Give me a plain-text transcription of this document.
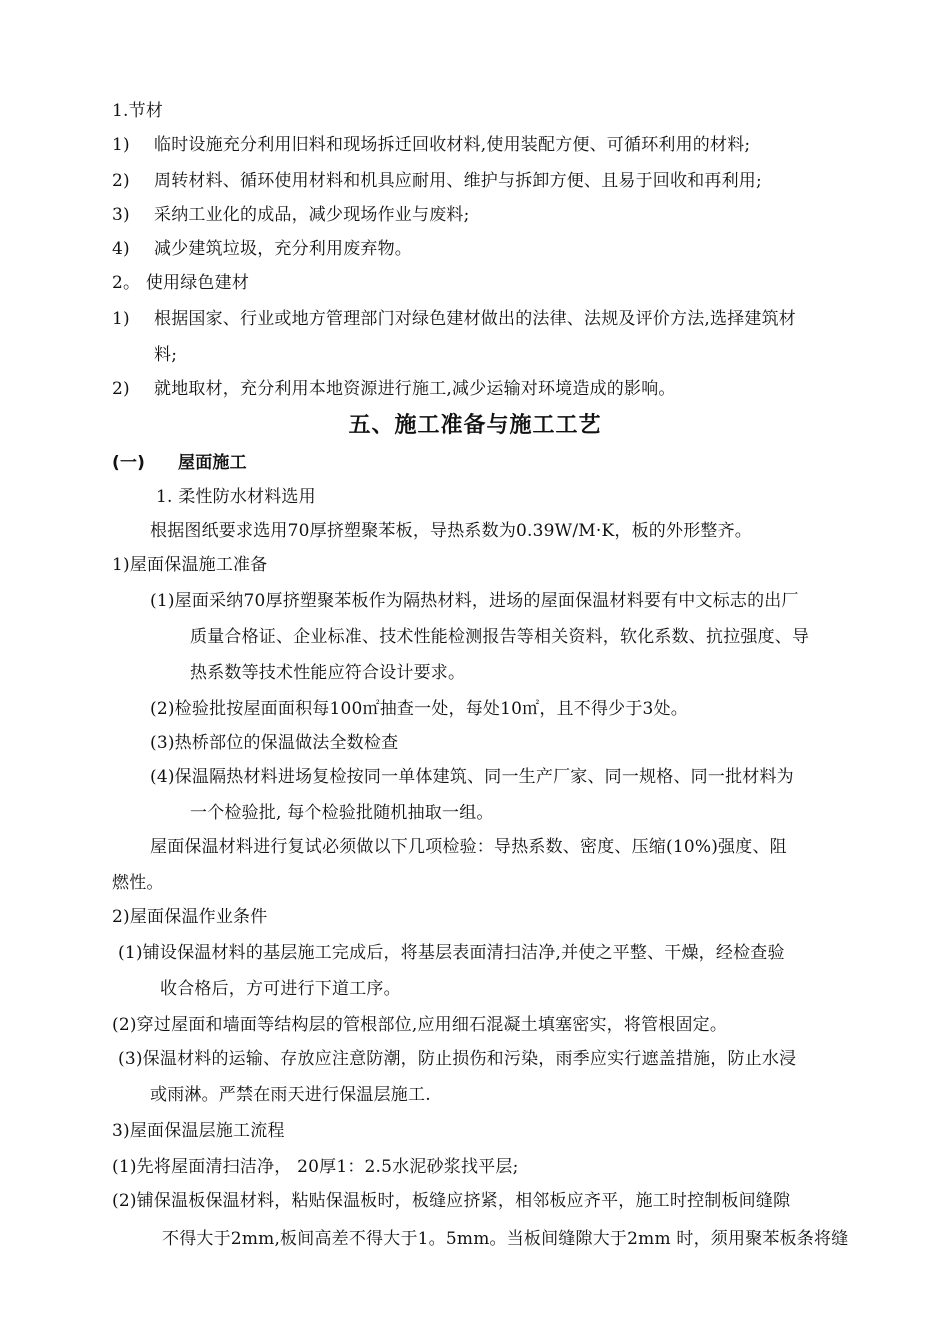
1.节材
1) 临时设施充分利用旧料和现场拆迁回收材料,使用装配方便、可循环利用的材料;
2) 周转材料、循环使用材料和机具应耐用、维护与拆卸方便、且易于回收和再利用;
3) 采纳工业化的成品，减少现场作业与废料;
4) 减少建筑垃圾，充分利用废弃物。
2。 使用绿色建材
1) 根据国家、行业或地方管理部门对绿色建材做出的法律、法规及评价方法,选择建筑材
料;
2) 就地取材，充分利用本地资源进行施工,减少运输对环境造成的影响。
五、施工准备与施工工艺
(一) 屋面施工
1. 柔性防水材料选用
根据图纸要求选用70厚挤塑聚苯板，导热系数为0.39W/M·K，板的外形整齐。
1)屋面保温施工准备
(1)屋面采纳70厚挤塑聚苯板作为隔热材料，进场的屋面保温材料要有中文标志的出厂
质量合格证、企业标准、技术性能检测报告等相关资料，软化系数、抗拉强度、导
热系数等技术性能应符合设计要求。
(2)检验批按屋面面积每100㎡抽查一处，每处10㎡，且不得少于3处。
(3)热桥部位的保温做法全数检查
(4)保温隔热材料进场复检按同一单体建筑、同一生产厂家、同一规格、同一批材料为
一个检验批, 每个检验批随机抽取一组。
屋面保温材料进行复试必须做以下几项检验：导热系数、密度、压缩(10%)强度、阻
燃性。
2)屋面保温作业条件
(1)铺设保温材料的基层施工完成后，将基层表面清扫洁净,并使之平整、干燥，经检查验
收合格后，方可进行下道工序。
(2)穿过屋面和墙面等结构层的管根部位,应用细石混凝土填塞密实，将管根固定。
(3)保温材料的运输、存放应注意防潮，防止损伤和污染，雨季应实行遮盖措施，防止水浸
或雨淋。严禁在雨天进行保温层施工.
3)屋面保温层施工流程
(1)先将屋面清扫洁净， 20厚1：2.5水泥砂浆找平层;
(2)铺保温板保温材料，粘贴保温板时，板缝应挤紧，相邻板应齐平，施工时控制板间缝隙
不得大于2mm,板间高差不得大于1。5mm。当板间缝隙大于2mm 时，须用聚苯板条将缝
